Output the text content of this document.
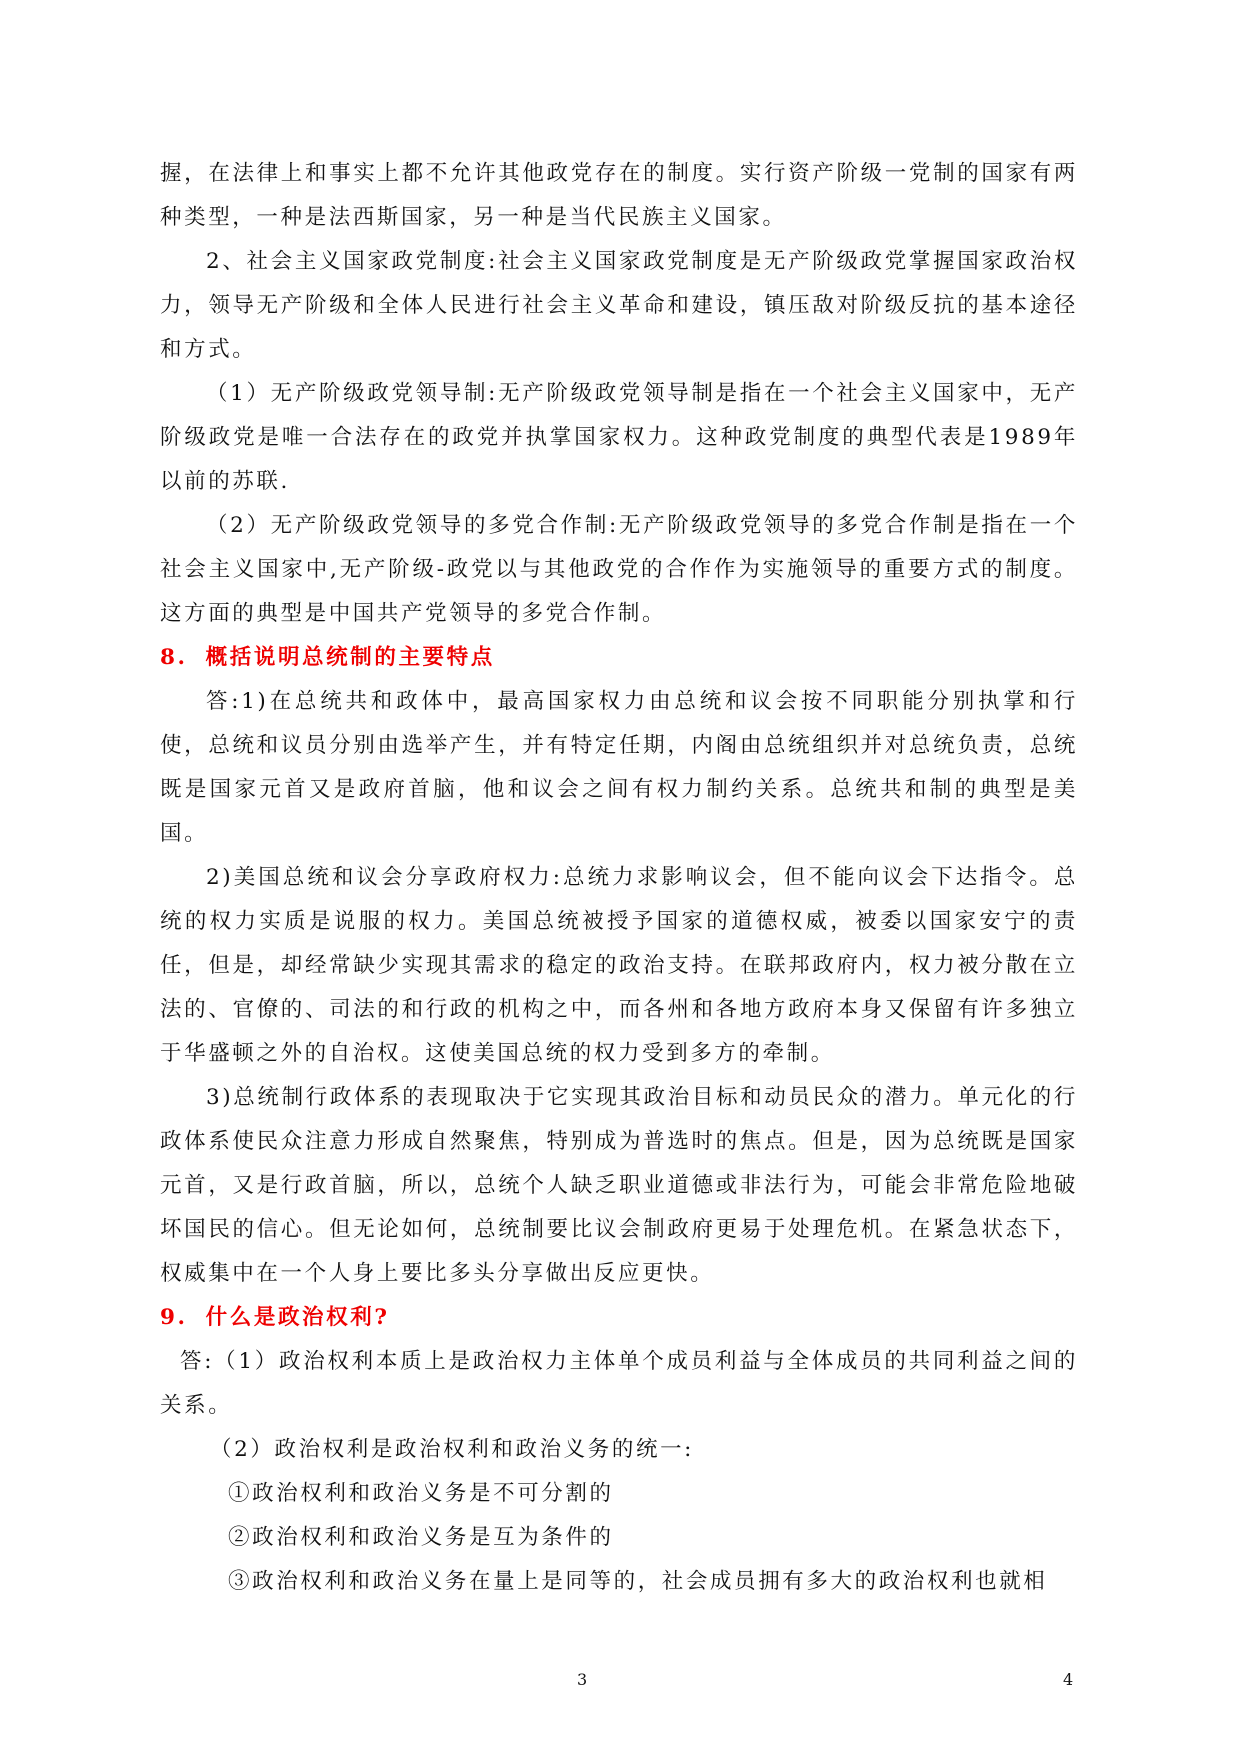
握，在法律上和事实上都不允许其他政党存在的制度。实行资产阶级一党制的国家有两种类型，一种是法西斯国家，另一种是当代民族主义国家。

2、社会主义国家政党制度:社会主义国家政党制度是无产阶级政党掌握国家政治权力，领导无产阶级和全体人民进行社会主义革命和建设，镇压敌对阶级反抗的基本途径和方式。

（1）无产阶级政党领导制:无产阶级政党领导制是指在一个社会主义国家中，无产阶级政党是唯一合法存在的政党并执掌国家权力。这种政党制度的典型代表是1989年以前的苏联.

（2）无产阶级政党领导的多党合作制:无产阶级政党领导的多党合作制是指在一个社会主义国家中,无产阶级-政党以与其他政党的合作作为实施领导的重要方式的制度。这方面的典型是中国共产党领导的多党合作制。

8. 概括说明总统制的主要特点

答:1)在总统共和政体中，最高国家权力由总统和议会按不同职能分别执掌和行使，总统和议员分别由选举产生，并有特定任期，内阁由总统组织并对总统负责，总统既是国家元首又是政府首脑，他和议会之间有权力制约关系。总统共和制的典型是美国。

2)美国总统和议会分享政府权力:总统力求影响议会，但不能向议会下达指令。总统的权力实质是说服的权力。美国总统被授予国家的道德权威，被委以国家安宁的责任，但是，却经常缺少实现其需求的稳定的政治支持。在联邦政府内，权力被分散在立法的、官僚的、司法的和行政的机构之中，而各州和各地方政府本身又保留有许多独立于华盛顿之外的自治权。这使美国总统的权力受到多方的牵制。

3)总统制行政体系的表现取决于它实现其政治目标和动员民众的潜力。单元化的行政体系使民众注意力形成自然聚焦，特别成为普选时的焦点。但是，因为总统既是国家元首，又是行政首脑，所以，总统个人缺乏职业道德或非法行为，可能会非常危险地破坏国民的信心。但无论如何，总统制要比议会制政府更易于处理危机。在紧急状态下，权威集中在一个人身上要比多头分享做出反应更快。

9. 什么是政治权利?

答:（1）政治权利本质上是政治权力主体单个成员利益与全体成员的共同利益之间的关系。

（2）政治权利是政治权利和政治义务的统一:

①政治权利和政治义务是不可分割的

②政治权利和政治义务是互为条件的

③政治权利和政治义务在量上是同等的，社会成员拥有多大的政治权利也就相

3	4
